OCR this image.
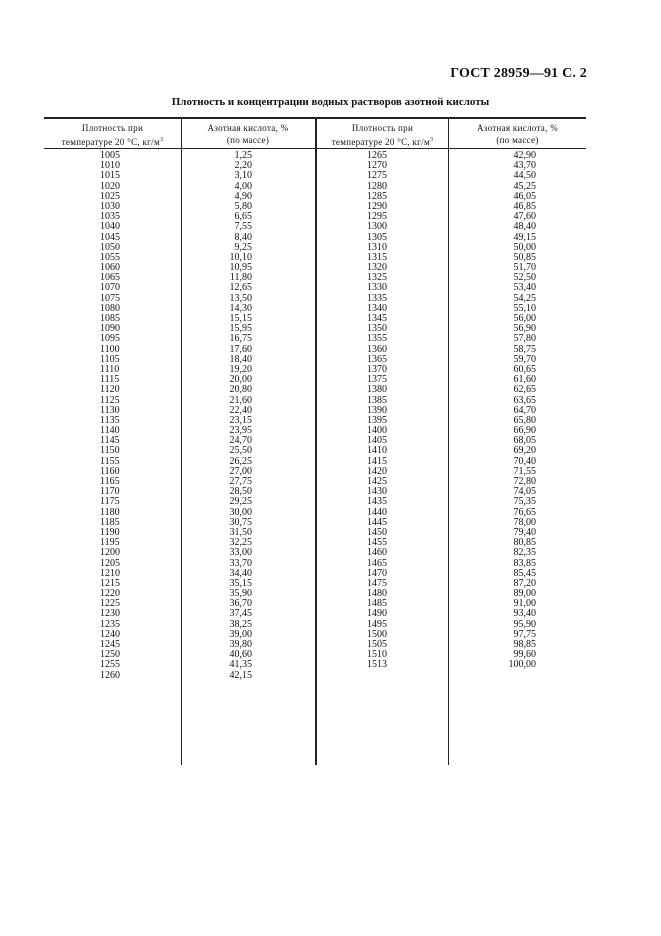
ГОСТ 28959—91 С. 2
Плотность и концентрации водных растворов азотной кислоты
Плотность при
температуре 20 °С, $кг/м^3$
Азотная кислота, %
(по массе)
Плотность при
температуре 20 °С, $кг/м^3$
Азотная кислота, %
(по массе)
1005
1010
1015
1020
1025
1030
1035
1040
1045
1050
1055
1060
1065
1070
1075
1080
1085
1090
1095
1100
1105
1110
1115
1120
1125
1130
1135
1140
1145
1150
1155
1160
1165
1170
1175
1180
1185
1190
1195
1200
1205
1210
1215
1220
1225
1230
1235
1240
1245
1250
1255
1260
1,25
2,20
3,10
4,00
4,90
5,80
6,65
7,55
8,40
9,25
10,10
10,95
11,80
12,65
13,50
14,30
15,15
15,95
16,75
17,60
18,40
19,20
20,00
20,80
21,60
22,40
23,15
23,95
24,70
25,50
26,25
27,00
27,75
28,50
29,25
30,00
30,75
31,50
32,25
33,00
33,70
34,40
35,15
35,90
36,70
37,45
38,25
39,00
39,80
40,60
41,35
42,15
1265
1270
1275
1280
1285
1290
1295
1300
1305
1310
1315
1320
1325
1330
1335
1340
1345
1350
1355
1360
1365
1370
1375
1380
1385
1390
1395
1400
1405
1410
1415
1420
1425
1430
1435
1440
1445
1450
1455
1460
1465
1470
1475
1480
1485
1490
1495
1500
1505
1510
1513
42,90
43,70
44,50
45,25
46,05
46,85
47,60
48,40
49,15
50,00
50,85
51,70
52,50
53,40
54,25
55,10
56,00
56,90
57,80
58,75
59,70
60,65
61,60
62,65
63,65
64,70
65,80
66,90
68,05
69,20
70,40
71,55
72,80
74,05
75,35
76,65
78,00
79,40
80,85
82,35
83,85
85,45
87,20
89,00
91,00
93,40
95,90
97,75
98,85
99,60
100,00
